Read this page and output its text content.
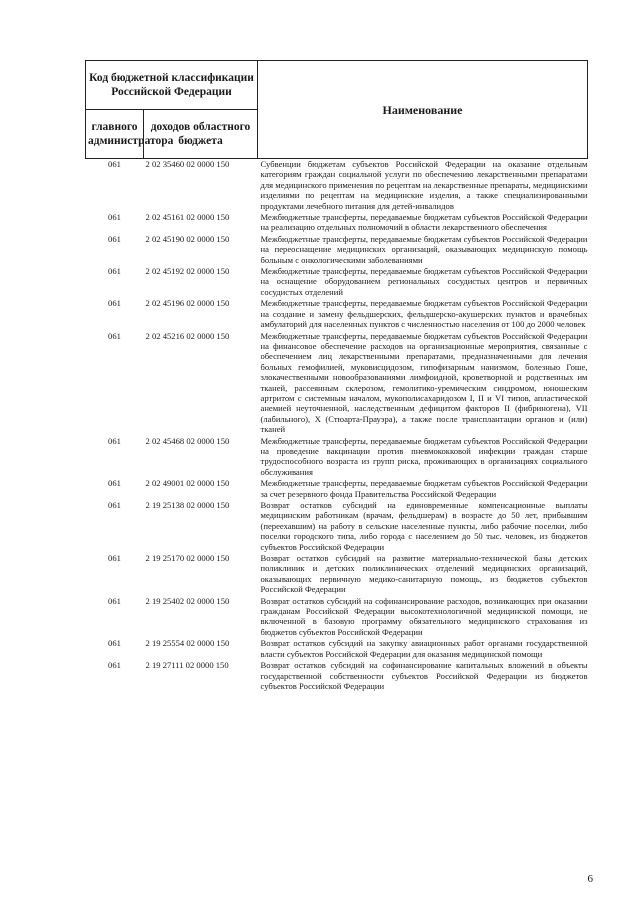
Код бюджетной классификации Российской Федерации		Наименование
главного администратора	доходов областного бюджета	
061	2 02 35460 02 0000 150	Субвенции бюджетам субъектов Российской Федерации на оказание отдельным категориям граждан социальной услуги по обеспечению лекарственными препаратами для медицинского применения по рецептам на лекарственные препараты, медицинскими изделиями по рецептам на медицинские изделия, а также специализированными продуктами лечебного питания для детей-инвалидов
061	2 02 45161 02 0000 150	Межбюджетные трансферты, передаваемые бюджетам субъектов Российской Федерации на реализацию отдельных полномочий в области лекарственного обеспечения
061	2 02 45190 02 0000 150	Межбюджетные трансферты, передаваемые бюджетам субъектов Российской Федерации на переоснащение медицинских организаций, оказывающих медицинскую помощь больным с онкологическими заболеваниями
061	2 02 45192 02 0000 150	Межбюджетные трансферты, передаваемые бюджетам субъектов Российской Федерации на оснащение оборудованием региональных сосудистых центров и первичных сосудистых отделений
061	2 02 45196 02 0000 150	Межбюджетные трансферты, передаваемые бюджетам субъектов Российской Федерации на создание и замену фельдшерских, фельдшерско-акушерских пунктов и врачебных амбулаторий для населенных пунктов с численностью населения от 100 до 2000 человек
061	2 02 45216 02 0000 150	Межбюджетные трансферты, передаваемые бюджетам субъектов Российской Федерации на финансовое обеспечение расходов на организационные мероприятия, связанные с обеспечением лиц лекарственными препаратами, предназначенными для лечения больных гемофилией, муковисцидозом, гипофизарным нанизмом, болезнью Гоше, злокачественными новообразованиями лимфоидной, кроветворной и родственных им тканей, рассеянным склерозом, гемолитико-уремическим синдромом, юношеским артритом с системным началом, мукополисахаридозом I, II и VI типов, апластической анемией неуточненной, наследственным дефицитом факторов II (фибриногена), VII (лабильного), X (Стюарта-Прауэра), а также после трансплантации органов и (или) тканей
061	2 02 45468 02 0000 150	Межбюджетные трансферты, передаваемые бюджетам субъектов Российской Федерации на проведение вакцинации против пневмококковой инфекции граждан старше трудоспособного возраста из групп риска, проживающих в организациях социального обслуживания
061	2 02 49001 02 0000 150	Межбюджетные трансферты, передаваемые бюджетам субъектов Российской Федерации за счет резервного фонда Правительства Российской Федерации
061	2 19 25138 02 0000 150	Возврат остатков субсидий на единовременные компенсационные выплаты медицинским работникам (врачам, фельдшерам) в возрасте до 50 лет, прибывшим (переехавшим) на работу в сельские населенные пункты, либо рабочие поселки, либо поселки городского типа, либо города с населением до 50 тыс. человек, из бюджетов субъектов Российской Федерации
061	2 19 25170 02 0000 150	Возврат остатков субсидий на развитие материально-технической базы детских поликлиник и детских поликлинических отделений медицинских организаций, оказывающих первичную медико-санитарную помощь, из бюджетов субъектов Российской Федерации
061	2 19 25402 02 0000 150	Возврат остатков субсидий на софинансирование расходов, возникающих при оказании гражданам Российской Федерации высокотехнологичной медицинской помощи, не включенной в базовую программу обязательного медицинского страхования из бюджетов субъектов Российской Федерации
061	2 19 25554 02 0000 150	Возврат остатков субсидий на закупку авиационных работ органами государственной власти субъектов Российской Федерации для оказания медицинской помощи
061	2 19 27111 02 0000 150	Возврат остатков субсидий на софинансирование капитальных вложений в объекты государственной собственности субъектов Российской Федерации из бюджетов субъектов Российской Федерации
6
